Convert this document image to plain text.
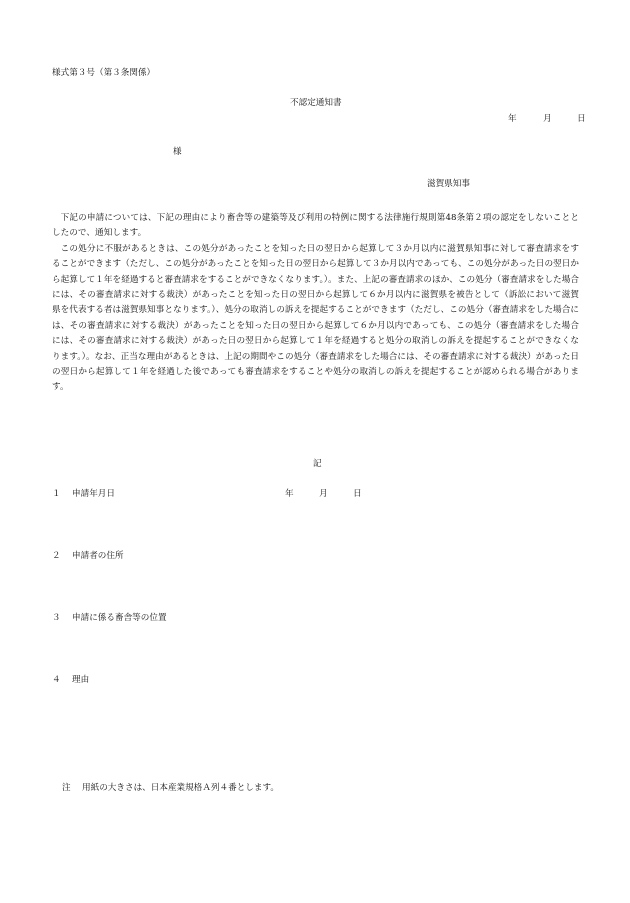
様式第３号（第３条関係）
不認定通知書
年	月	日
様
滋賀県知事

下記の申請については、下記の理由により畜舎等の建築等及び利用の特例に関する法律施行規則第48条第２項の認定をしないこととしたので、通知します。

この処分に不服があるときは、この処分があったことを知った日の翌日から起算して３か月以内に滋賀県知事に対して審査請求をすることができます（ただし、この処分があったことを知った日の翌日から起算して３か月以内であっても、この処分があった日の翌日から起算して１年を経過すると審査請求をすることができなくなります。）。また、上記の審査請求のほか、この処分（審査請求をした場合には、その審査請求に対する裁決）があったことを知った日の翌日から起算して６か月以内に滋賀県を被告として（訴訟において滋賀県を代表する者は滋賀県知事となります。）、処分の取消しの訴えを提起することができます（ただし、この処分（審査請求をした場合には、その審査請求に対する裁決）があったことを知った日の翌日から起算して６か月以内であっても、この処分（審査請求をした場合には、その審査請求に対する裁決）があった日の翌日から起算して１年を経過すると処分の取消しの訴えを提起することができなくなります。）。なお、正当な理由があるときは、上記の期間やこの処分（審査請求をした場合には、その審査請求に対する裁決）があった日の翌日から起算して１年を経過した後であっても審査請求をすることや処分の取消しの訴えを提起することが認められる場合があります。

記
１ 申請年月日	年	月	日
２ 申請者の住所
３ 申請に係る畜舎等の位置
４ 理由
注 用紙の大きさは、日本産業規格Ａ列４番とします。
